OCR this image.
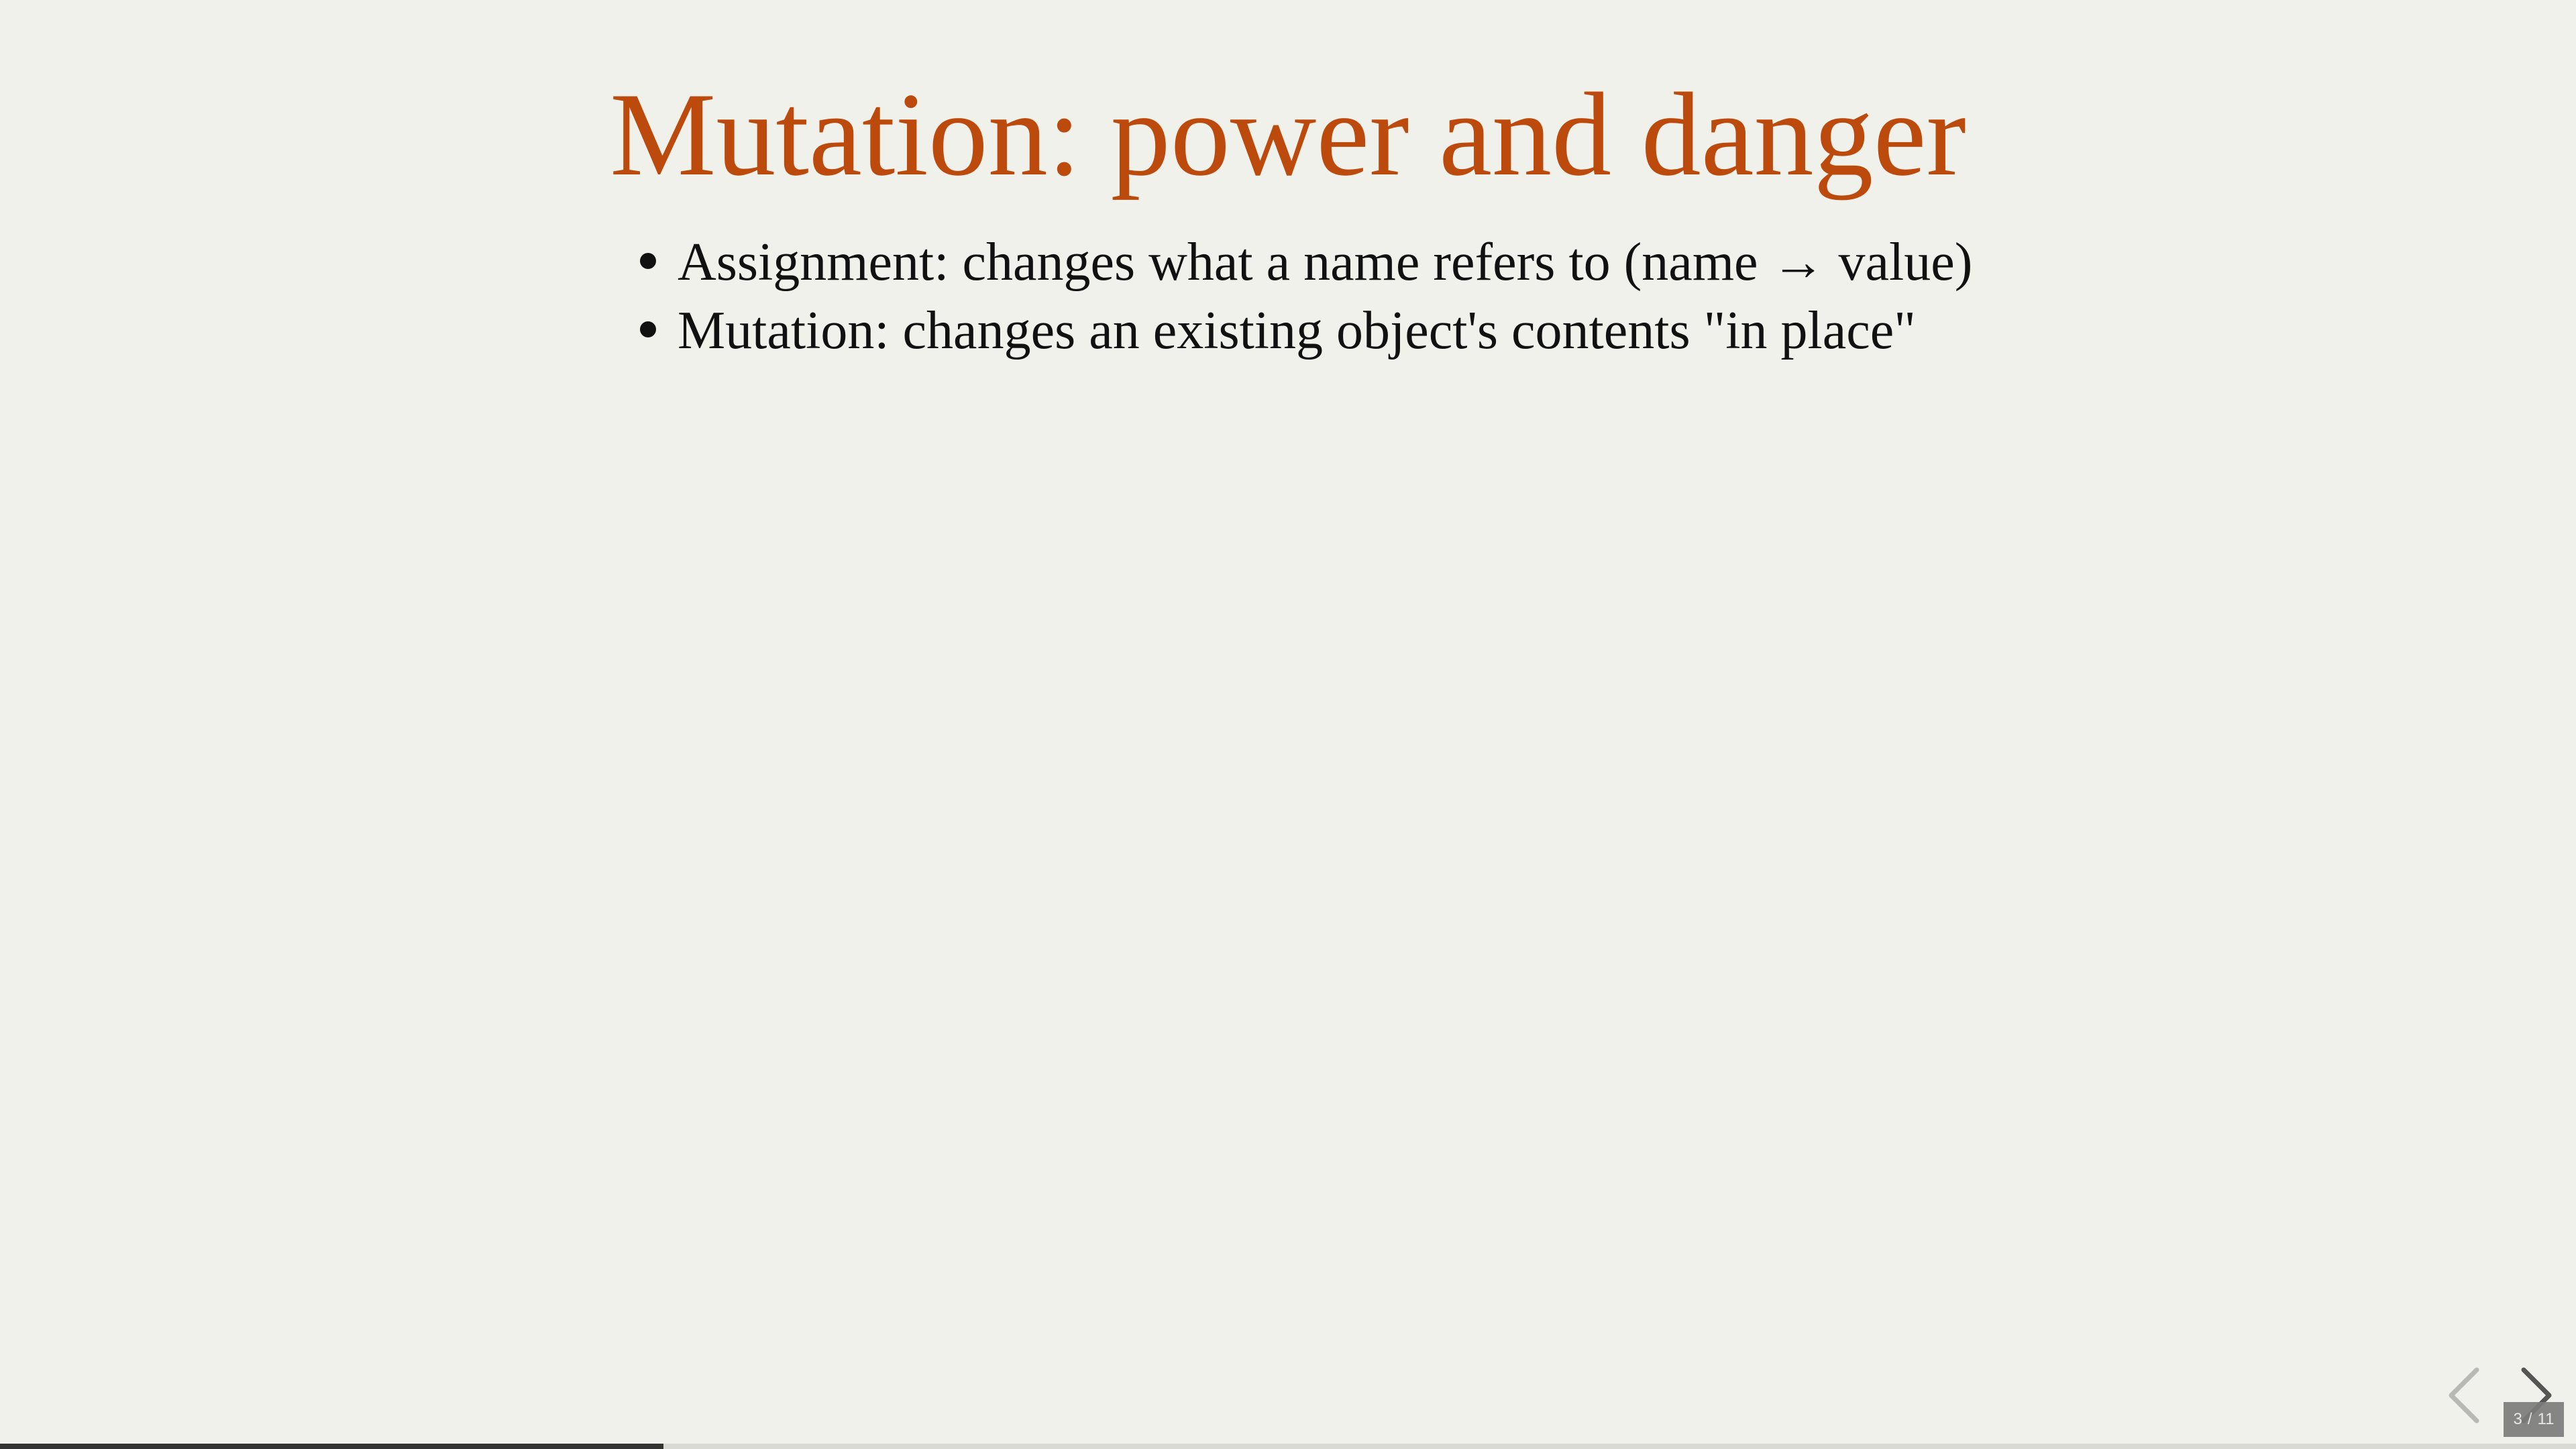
Mutation: power and danger
Assignment: changes what a name refers to (name → value)
Mutation: changes an existing object's contents "in place"
3 / 11
